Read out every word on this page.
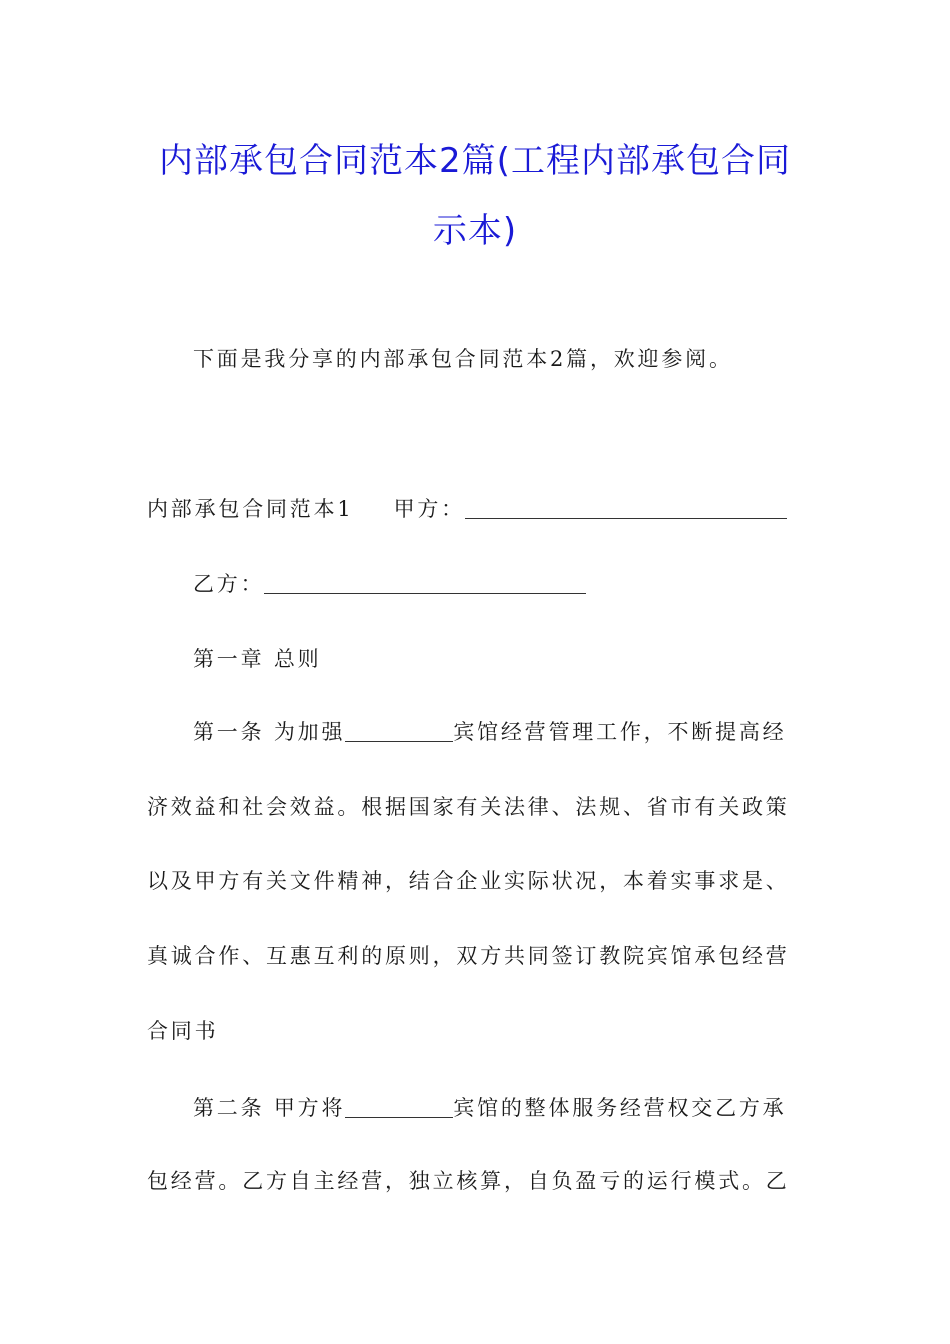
内部承包合同范本2篇(工程内部承包合同
示本)
下面是我分享的内部承包合同范本2篇，欢迎参阅。
内部承包合同范本1 甲方：
乙方：
第一章 总则
第一条 为加强	宾馆经营管理工作，不断提高经
济效益和社会效益。根据国家有关法律、法规、省市有关政策
以及甲方有关文件精神，结合企业实际状况，本着实事求是、
真诚合作、互惠互利的原则，双方共同签订教院宾馆承包经营
合同书
第二条 甲方将	宾馆的整体服务经营权交乙方承
包经营。乙方自主经营，独立核算，自负盈亏的运行模式。乙
